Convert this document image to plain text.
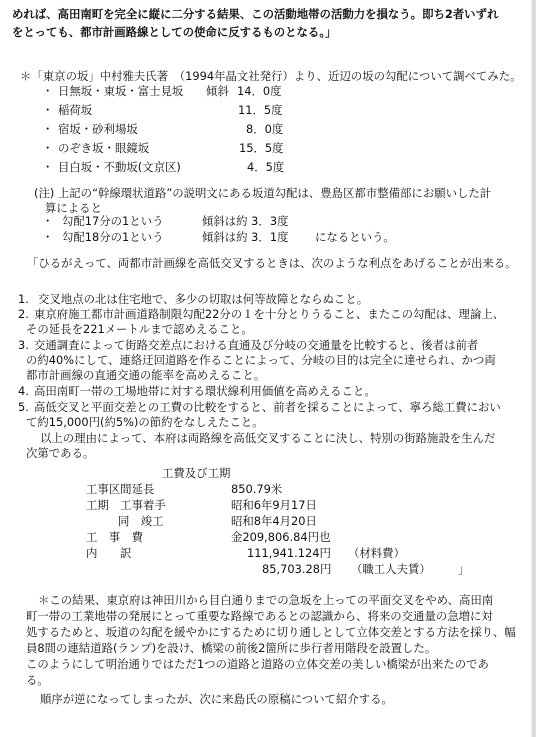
めれば、高田南町を完全に縦に二分する結果、この活動地帯の活動力を損なう。即ち2者いずれ

をとっても、都市計画路線としての使命に反するものとなる。」

＊「東京の坂」中村雅夫氏著　（1994年晶文社発行）より、近辺の坂の勾配について調べてみた。

・ 日無坂・東坂・富士見坂 傾斜 14．0度
・ 稲荷坂	11．5度
・ 宿坂・砂利場坂	8．0度
・ のぞき坂・眼鏡坂	15．5度
・ 目白坂・不動坂(文京区)	4．5度

(注) 上記の“幹線環状道路”の説明文にある坂道勾配は、豊島区都市整備部にお願いした計

算によると

・ 勾配17分の1という	傾斜は約 3．3度
・ 勾配18分の1という	傾斜は約 3．1度 になるという。

「ひるがえって、両都市計画線を高低交叉するときは、次のような利点をあげることが出来る。

1. 交叉地点の北は住宅地で、多少の切取は何等故障とならぬこと。
2. 東京府施工都市計画道路制限勾配22分の１を十分とりうること、またこの勾配は、理論上、
その延長を221メートルまで認めえること。
3. 交通調査によって街路交差点における直通及び分岐の交通量を比較すると、後者は前者
の約40%にして、連絡迂回道路を作ることによって、分岐の目的は完全に達せられ、かつ両
都市計画線の直通交通の能率を高めえること。
4. 高田南町一帯の工場地帯に対する環状線利用価値を高めえること。
5. 高低交叉と平面交差との工費の比較をすると、前者を採ることによって、寧ろ総工費におい
て約15,000円(約5%)の節約をなしえたこと。

以上の理由によって、本府は両路線を高低交叉することに決し、特別の街路施設を生んだ

次第である。

工費及び工期
工事区間延長	850.79米
工期　工事着手	昭和6年9月17日
同　竣工	昭和8年4月20日
工　事　費	金209,806.84円也
内　　訳	111,941.124円 （材料費）
85,703.28円 （職工人夫賃） 」

＊この結果、東京府は神田川から目白通りまでの急坂を上っての平面交叉をやめ、高田南

町一帯の工業地帯の発展にとって重要な路線であるとの認識から、将来の交通量の急増に対

処するためと、坂道の勾配を緩やかにするために切り通しとして立体交差とする方法を採り、幅

員8間の連結道路(ランプ)を設け、橋梁の前後2箇所に歩行者用階段を設置した。

このようにして明治通りではただ1つの道路と道路の立体交差の美しい橋梁が出来たのであ

る。

順序が逆になってしまったが、次に来島氏の原稿について紹介する。
